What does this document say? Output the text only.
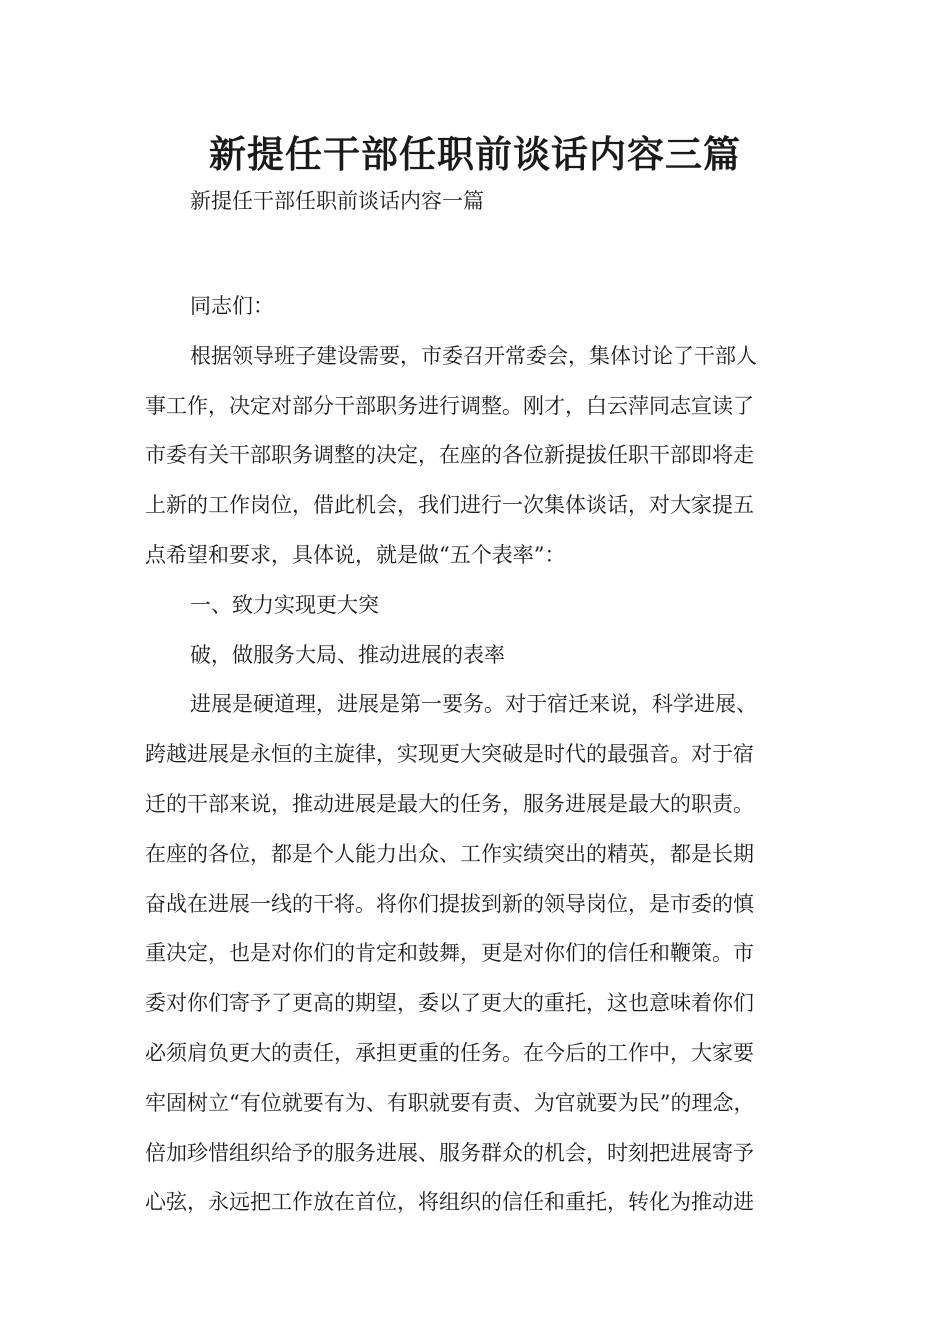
新提任干部任职前谈话内容三篇

新提任干部任职前谈话内容一篇

同志们：

根据领导班子建设需要，市委召开常委会，集体讨论了干部人

事工作，决定对部分干部职务进行调整。刚才，白云萍同志宣读了

市委有关干部职务调整的决定，在座的各位新提拔任职干部即将走

上新的工作岗位，借此机会，我们进行一次集体谈话，对大家提五

点希望和要求，具体说，就是做“五个表率”：

一、致力实现更大突

破，做服务大局、推动进展的表率

进展是硬道理，进展是第一要务。对于宿迁来说，科学进展、

跨越进展是永恒的主旋律，实现更大突破是时代的最强音。对于宿

迁的干部来说，推动进展是最大的任务，服务进展是最大的职责。

在座的各位，都是个人能力出众、工作实绩突出的精英，都是长期

奋战在进展一线的干将。将你们提拔到新的领导岗位，是市委的慎

重决定，也是对你们的肯定和鼓舞，更是对你们的信任和鞭策。市

委对你们寄予了更高的期望，委以了更大的重托，这也意味着你们

必须肩负更大的责任，承担更重的任务。在今后的工作中，大家要

牢固树立“有位就要有为、有职就要有责、为官就要为民”的理念，

倍加珍惜组织给予的服务进展、服务群众的机会，时刻把进展寄予

心弦，永远把工作放在首位，将组织的信任和重托，转化为推动进
